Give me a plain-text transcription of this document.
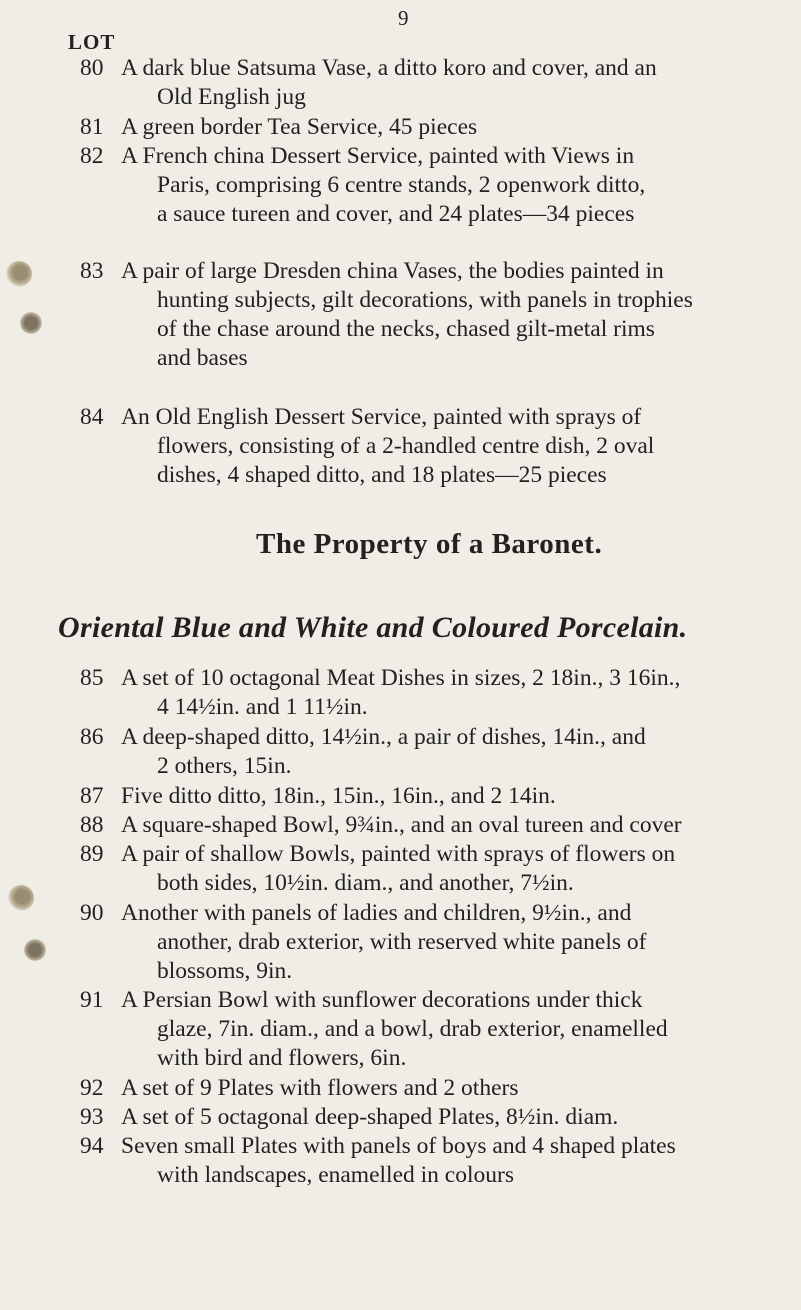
9
LOT
80 A dark blue Satsuma Vase, a ditto koro and cover, and an
Old English jug
81 A green border Tea Service, 45 pieces
82 A French china Dessert Service, painted with Views in
Paris, comprising 6 centre stands, 2 openwork ditto,
a sauce tureen and cover, and 24 plates—34 pieces
83 A pair of large Dresden china Vases, the bodies painted in
hunting subjects, gilt decorations, with panels in trophies
of the chase around the necks, chased gilt-metal rims
and bases
84 An Old English Dessert Service, painted with sprays of
flowers, consisting of a 2-handled centre dish, 2 oval
dishes, 4 shaped ditto, and 18 plates—25 pieces
The Property of a Baronet.
Oriental Blue and White and Coloured Porcelain.
85 A set of 10 octagonal Meat Dishes in sizes, 2 18in., 3 16in.,
4 14½in. and 1 11½in.
86 A deep-shaped ditto, 14½in., a pair of dishes, 14in., and
2 others, 15in.
87 Five ditto ditto, 18in., 15in., 16in., and 2 14in.
88 A square-shaped Bowl, 9¾in., and an oval tureen and cover
89 A pair of shallow Bowls, painted with sprays of flowers on
both sides, 10½in. diam., and another, 7½in.
90 Another with panels of ladies and children, 9½in., and
another, drab exterior, with reserved white panels of
blossoms, 9in.
91 A Persian Bowl with sunflower decorations under thick
glaze, 7in. diam., and a bowl, drab exterior, enamelled
with bird and flowers, 6in.
92 A set of 9 Plates with flowers and 2 others
93 A set of 5 octagonal deep-shaped Plates, 8½in. diam.
94 Seven small Plates with panels of boys and 4 shaped plates
with landscapes, enamelled in colours
